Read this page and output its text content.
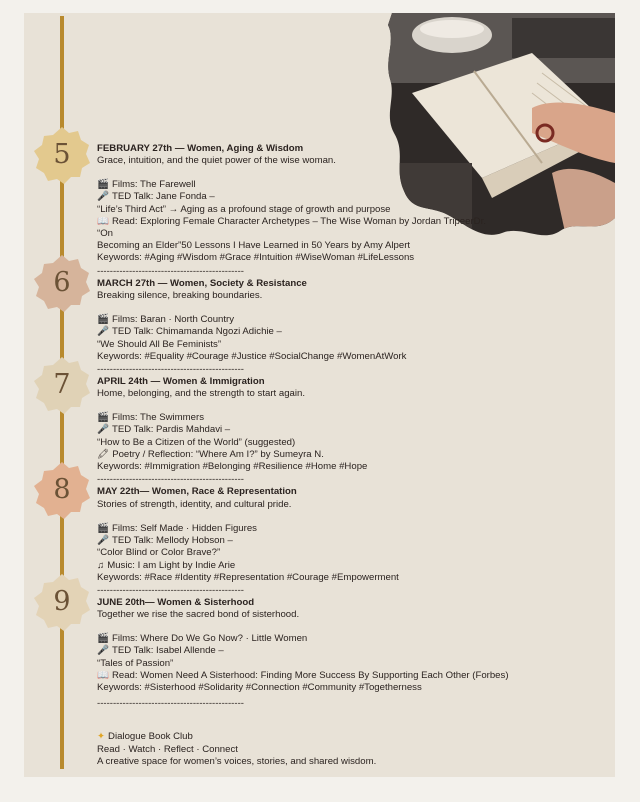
5
6
7
8
9
FEBRUARY 27th — Women, Aging & Wisdom
Grace, intuition, and the quiet power of the wise woman.
🎬 Films: The Farewell
🎤 TED Talk: Jane Fonda –
“Life’s Third Act” → Aging as a profound stage of growth and purpose
📖 Read: Exploring Female Character Archetypes – The Wise Woman by Jordan TripeerDr.
“On
Becoming an Elder”50 Lessons I Have Learned in 50 Years by Amy Alpert
Keywords: #Aging #Wisdom #Grace #Intuition #WiseWoman #LifeLessons
----------------------------------------------
MARCH 27th — Women, Society & Resistance
Breaking silence, breaking boundaries.
🎬 Films: Baran · North Country
🎤 TED Talk: Chimamanda Ngozi Adichie –
“We Should All Be Feminists”
Keywords: #Equality #Courage #Justice #SocialChange #WomenAtWork
----------------------------------------------
APRIL 24th — Women & Immigration
Home, belonging, and the strength to start again.
🎬 Films: The Swimmers
🎤 TED Talk: Pardis Mahdavi –
“How to Be a Citizen of the World” (suggested)
🖍 Poetry / Reflection: “Where Am I?” by Sumeyra N.
Keywords: #Immigration #Belonging #Resilience #Home #Hope
----------------------------------------------
MAY 22th— Women, Race & Representation
Stories of strength, identity, and cultural pride.
🎬 Films: Self Made · Hidden Figures
🎤 TED Talk: Mellody Hobson –
“Color Blind or Color Brave?”
♫ Music: I am Light by Indie Arie
Keywords: #Race #Identity #Representation #Courage #Empowerment
----------------------------------------------
JUNE 20th— Women & Sisterhood
Together we rise the sacred bond of sisterhood.
🎬 Films: Where Do We Go Now? · Little Women
🎤 TED Talk: Isabel Allende –
“Tales of Passion”
📖 Read: Women Need A Sisterhood: Finding More Success By Supporting Each Other (Forbes)
Keywords: #Sisterhood #Solidarity #Connection #Community #Togetherness
----------------------------------------------
✦ Dialogue Book Club
Read · Watch · Reflect · Connect
A creative space for women’s voices, stories, and shared wisdom.
